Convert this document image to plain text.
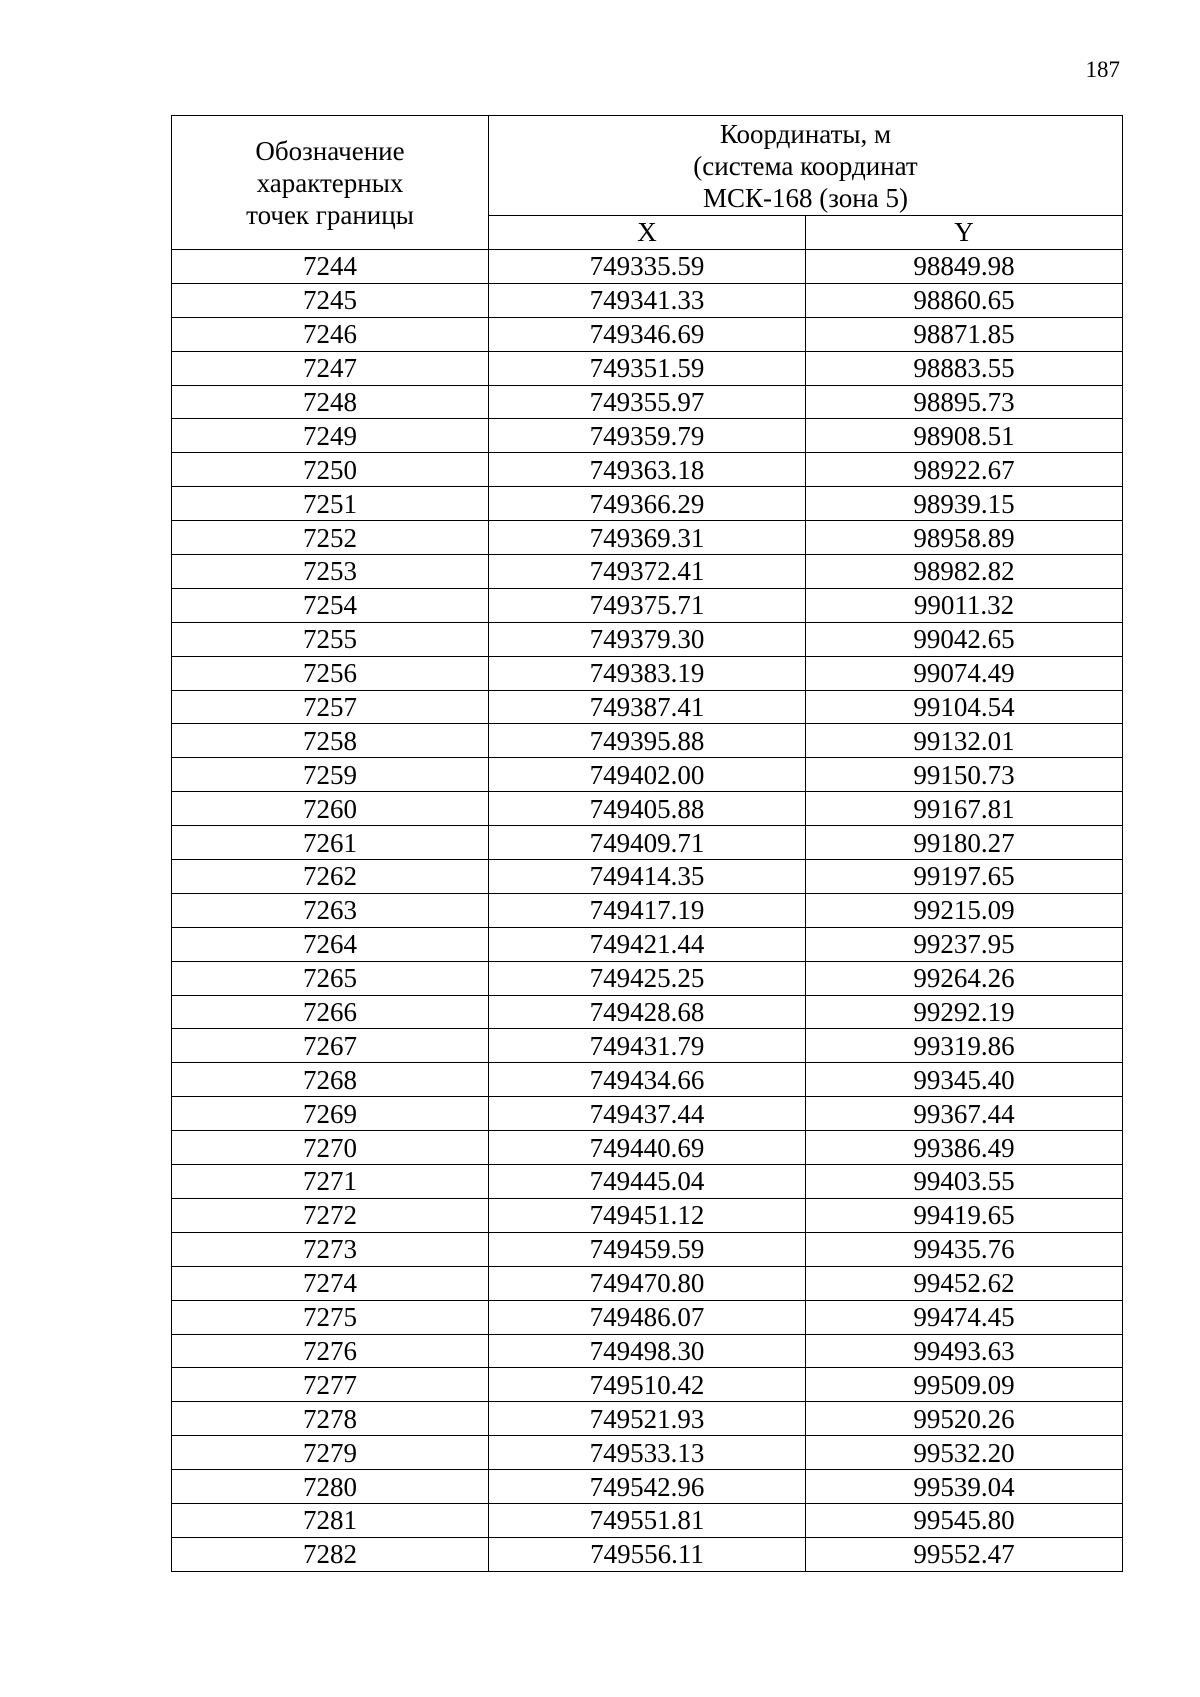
187
Обозначение
характерных
точек границы	Координаты, м
(система координат
МСК-168 (зона 5)	

	X	Y
7244	749335.59	98849.98
7245	749341.33	98860.65
7246	749346.69	98871.85
7247	749351.59	98883.55
7248	749355.97	98895.73
7249	749359.79	98908.51
7250	749363.18	98922.67
7251	749366.29	98939.15
7252	749369.31	98958.89
7253	749372.41	98982.82
7254	749375.71	99011.32
7255	749379.30	99042.65
7256	749383.19	99074.49
7257	749387.41	99104.54
7258	749395.88	99132.01
7259	749402.00	99150.73
7260	749405.88	99167.81
7261	749409.71	99180.27
7262	749414.35	99197.65
7263	749417.19	99215.09
7264	749421.44	99237.95
7265	749425.25	99264.26
7266	749428.68	99292.19
7267	749431.79	99319.86
7268	749434.66	99345.40
7269	749437.44	99367.44
7270	749440.69	99386.49
7271	749445.04	99403.55
7272	749451.12	99419.65
7273	749459.59	99435.76
7274	749470.80	99452.62
7275	749486.07	99474.45
7276	749498.30	99493.63
7277	749510.42	99509.09
7278	749521.93	99520.26
7279	749533.13	99532.20
7280	749542.96	99539.04
7281	749551.81	99545.80
7282	749556.11	99552.47
